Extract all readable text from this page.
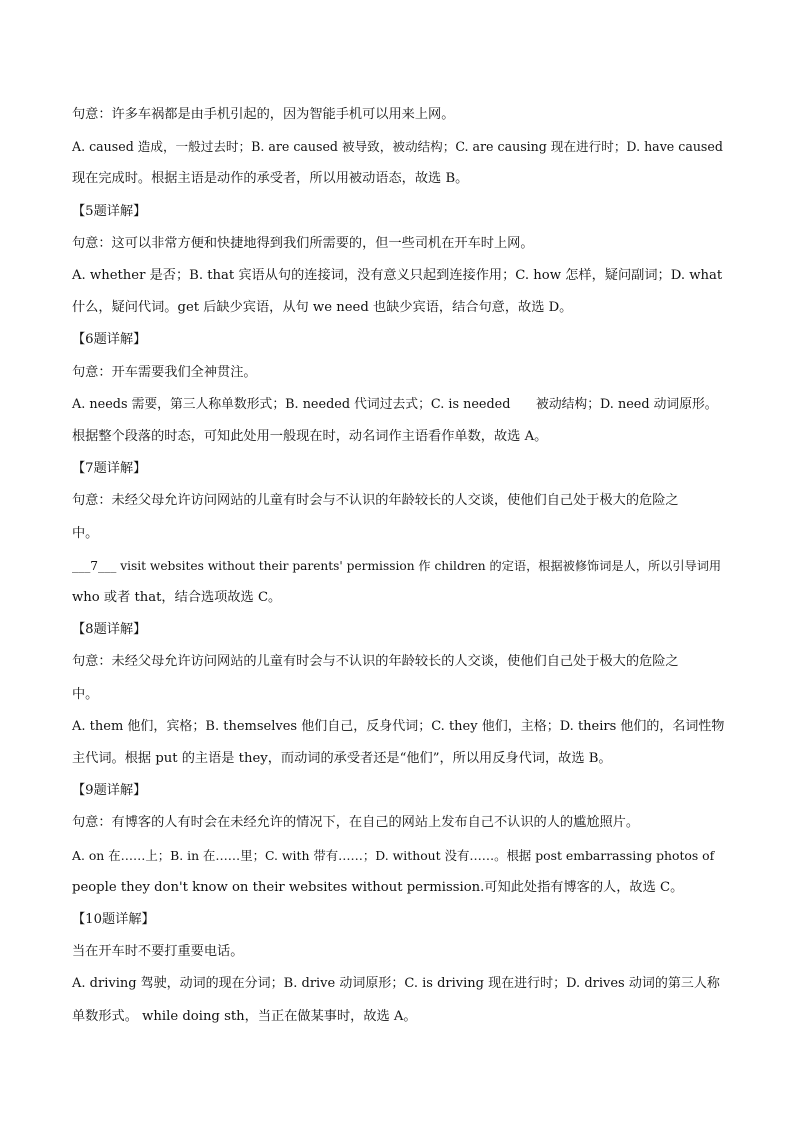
句意：许多车祸都是由手机引起的，因为智能手机可以用来上网。
A. caused 造成，一般过去时；B. are caused 被导致，被动结构；C. are causing 现在进行时；D. have caused
现在完成时。根据主语是动作的承受者，所以用被动语态，故选 B。
【5题详解】
句意：这可以非常方便和快捷地得到我们所需要的，但一些司机在开车时上网。
A. whether 是否；B. that 宾语从句的连接词，没有意义只起到连接作用；C. how 怎样，疑问副词；D. what
什么，疑问代词。get 后缺少宾语，从句 we need 也缺少宾语，结合句意，故选 D。
【6题详解】
句意：开车需要我们全神贯注。
A. needs 需要，第三人称单数形式；B. needed 代词过去式；C. is needed　　被动结构；D. need 动词原形。
根据整个段落的时态，可知此处用一般现在时，动名词作主语看作单数，故选 A。
【7题详解】
句意：未经父母允许访问网站的儿童有时会与不认识的年龄较长的人交谈，使他们自己处于极大的危险之
中。
___7___ visit websites without their parents' permission 作 children 的定语，根据被修饰词是人，所以引导词用
who 或者 that，结合选项故选 C。
【8题详解】
句意：未经父母允许访问网站的儿童有时会与不认识的年龄较长的人交谈，使他们自己处于极大的危险之
中。
A. them 他们，宾格；B. themselves 他们自己，反身代词；C. they 他们，主格；D. theirs 他们的，名词性物
主代词。根据 put 的主语是 they，而动词的承受者还是“他们”，所以用反身代词，故选 B。
【9题详解】
句意：有博客的人有时会在未经允许的情况下，在自己的网站上发布自己不认识的人的尴尬照片。
A. on 在……上；B. in 在……里；C. with 带有……；D. without 没有……。根据 post embarrassing photos of
people they don't know on their websites without permission.可知此处指有博客的人，故选 C。
【10题详解】
当在开车时不要打重要电话。
A. driving 驾驶，动词的现在分词；B. drive 动词原形；C. is driving 现在进行时；D. drives 动词的第三人称
单数形式。 while doing sth，当正在做某事时，故选 A。
